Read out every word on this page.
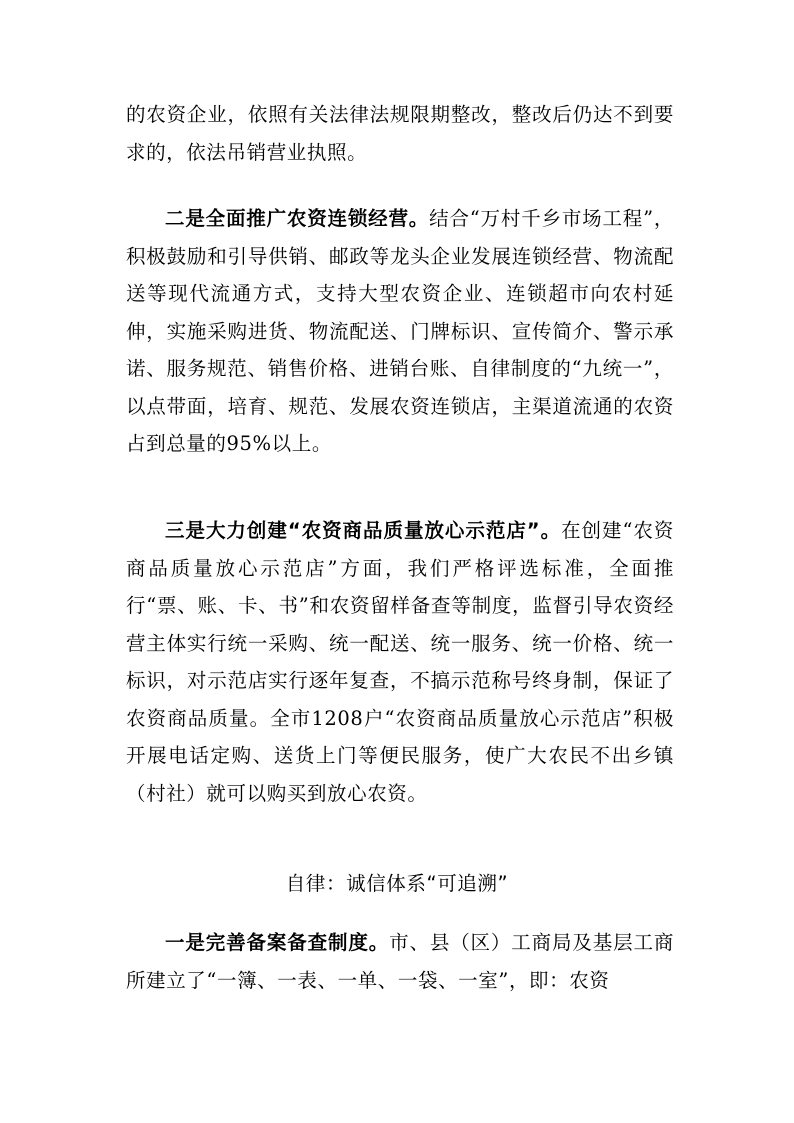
的农资企业，依照有关法律法规限期整改，整改后仍达不到要求的，依法吊销营业执照。

二是全面推广农资连锁经营。结合“万村千乡市场工程”，积极鼓励和引导供销、邮政等龙头企业发展连锁经营、物流配送等现代流通方式，支持大型农资企业、连锁超市向农村延伸，实施采购进货、物流配送、门牌标识、宣传简介、警示承诺、服务规范、销售价格、进销台账、自律制度的“九统一”，以点带面，培育、规范、发展农资连锁店，主渠道流通的农资占到总量的95%以上。

三是大力创建“农资商品质量放心示范店”。在创建“农资商品质量放心示范店”方面，我们严格评选标准，全面推行“票、账、卡、书”和农资留样备查等制度，监督引导农资经营主体实行统一采购、统一配送、统一服务、统一价格、统一标识，对示范店实行逐年复查，不搞示范称号终身制，保证了农资商品质量。全市1208户“农资商品质量放心示范店”积极开展电话定购、送货上门等便民服务，使广大农民不出乡镇（村社）就可以购买到放心农资。

自律：诚信体系“可追溯”

一是完善备案备查制度。市、县（区）工商局及基层工商所建立了“一簿、一表、一单、一袋、一室”，即：农资
